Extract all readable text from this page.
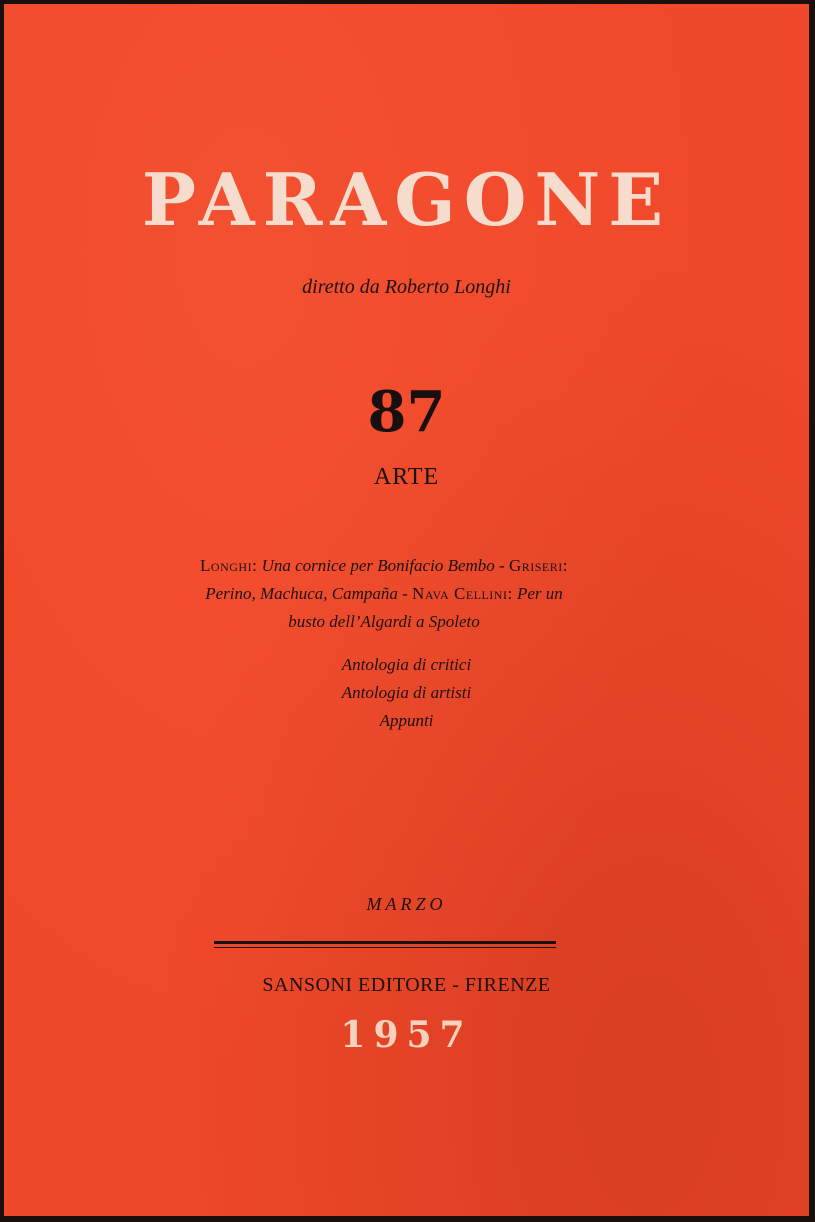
PARAGONE
diretto da Roberto Longhi
87
ARTE
Longhi: Una cornice per Bonifacio Bembo - Griseri:
Perino, Machuca, Campaña - Nava Cellini: Per un
busto dell’Algardi a Spoleto
Antologia di critici
Antologia di artisti
Appunti
MARZO
SANSONI EDITORE - FIRENZE
1957
